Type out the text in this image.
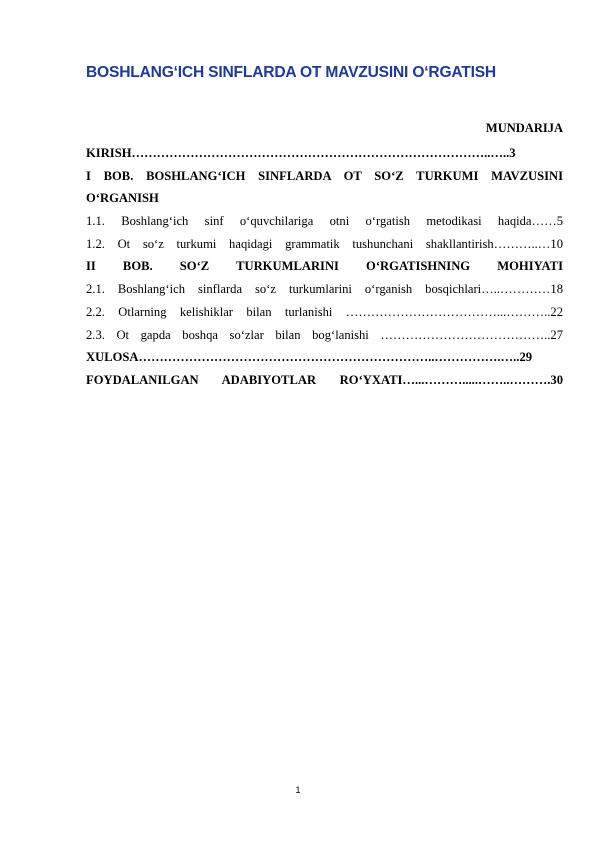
BOSHLANG‘ICH SINFLARDA OT MAVZUSINI O‘RGATISH
MUNDARIJA
KIRISH…………………………………………………………………………..…..3
I BOB. BOSHLANG‘ICH SINFLARDA OT SO‘Z TURKUMI MAVZUSINI
O‘RGANISH
1.1. Boshlang‘ich sinf o‘quvchilariga otni o‘rgatish metodikasi haqida……5
1.2. Ot so‘z turkumi haqidagi grammatik tushunchani shakllantirish………..…10
II BOB. SO‘Z TURKUMLARINI O‘RGATISHNING MOHIYATI
2.1. Boshlang‘ich sinflarda so‘z turkumlarini o‘rganish bosqichlari…..…………18
2.2. Otlarning kelishiklar bilan turlanishi ………………………………...………..22
2.3. Ot gapda boshqa so‘zlar bilan bog‘lanishi …………………………………..27
XULOSA……………………………………………………………..…………….…..29
FOYDALANILGAN ADABIYOTLAR RO‘YXATI…...……….....……..……….30
1
